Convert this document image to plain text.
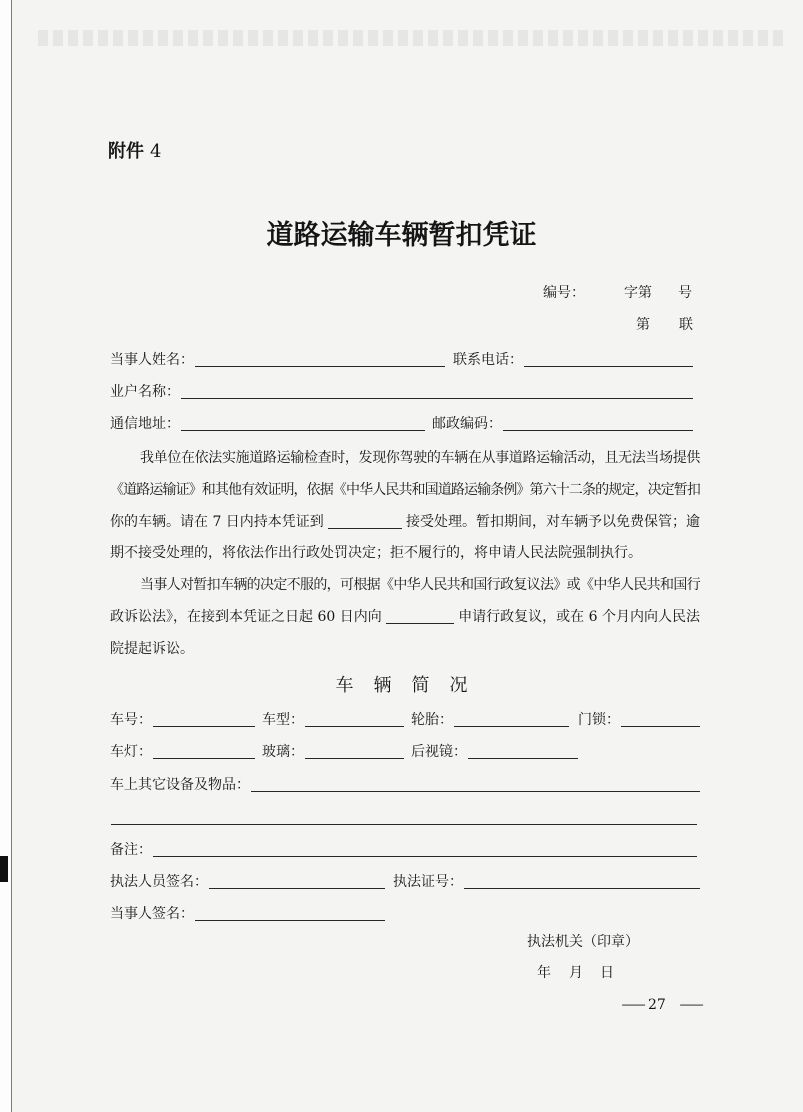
附件 4
道路运输车辆暂扣凭证
编号：	字第 号
第 联
当事人姓名：	联系电话：
业户名称：
通信地址：	邮政编码：
我单位在依法实施道路运输检查时，发现你驾驶的车辆在从事道路运输活动，且无法当场提供
《道路运输证》和其他有效证明，依据《中华人民共和国道路运输条例》第六十二条的规定，决定暂扣
你的车辆。请在 7 日内持本凭证到	接受处理。暂扣期间，对车辆予以免费保管；逾
期不接受处理的，将依法作出行政处罚决定；拒不履行的，将申请人民法院强制执行。
当事人对暂扣车辆的决定不服的，可根据《中华人民共和国行政复议法》或《中华人民共和国行
政诉讼法》，在接到本凭证之日起 60 日内向	申请行政复议，或在 6 个月内向人民法
院提起诉讼。
车辆简况
车号：	车型：	轮胎：	门锁：
车灯：	玻璃：	后视镜：
车上其它设备及物品：
备注：
执法人员签名：	执法证号：
当事人签名：
执法机关（印章）
年 月 日
— 27 —
